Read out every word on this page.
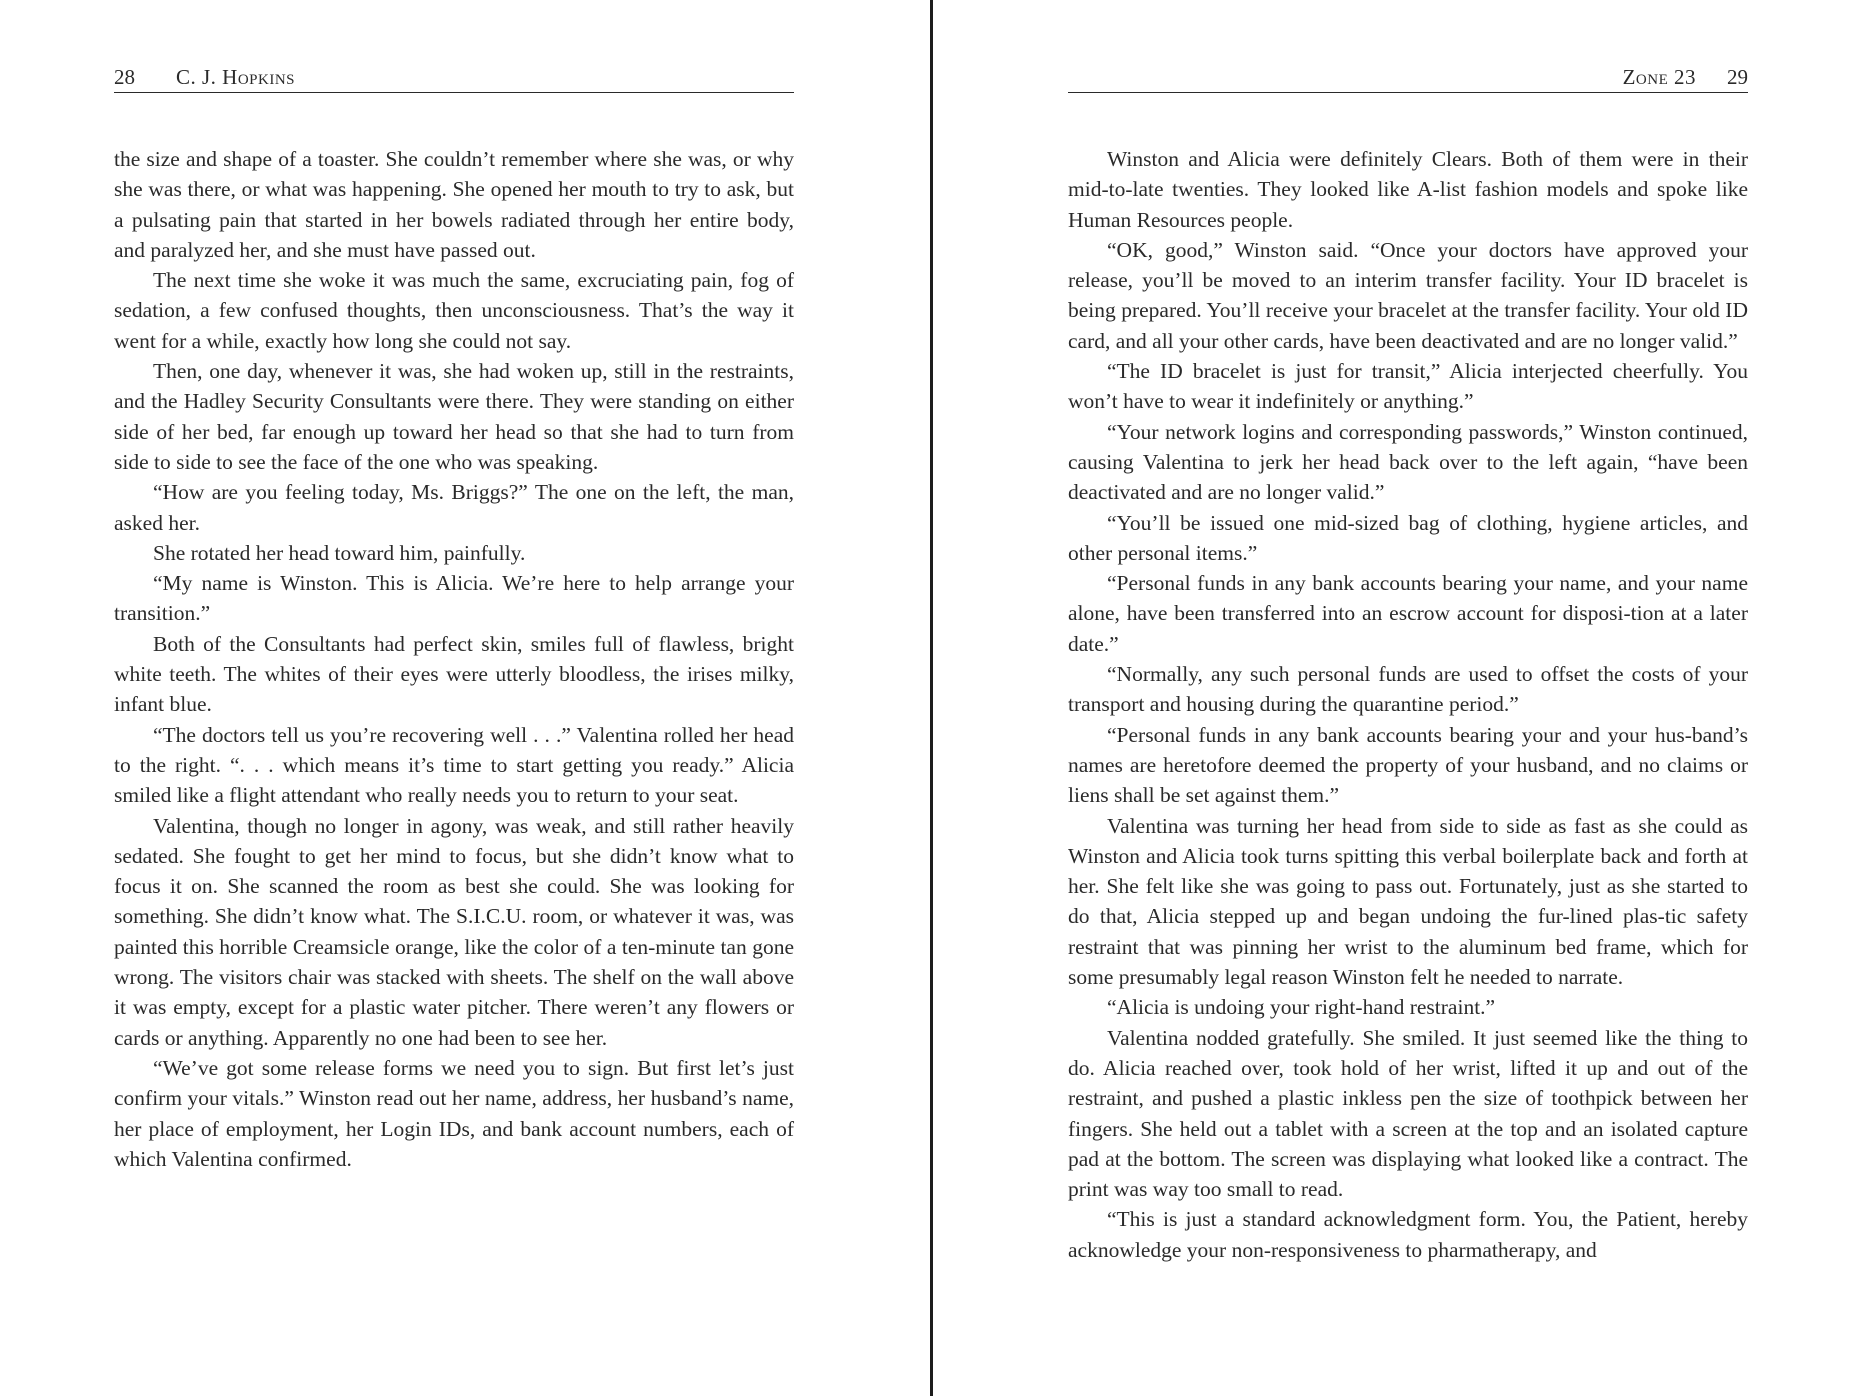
28 C. J. Hopkins

the size and shape of a toaster. She couldn’t remember where she was, or why she was there, or what was happening. She opened her mouth to try to ask, but a pulsating pain that started in her bowels radiated through her entire body, and paralyzed her, and she must have passed out.

The next time she woke it was much the same, excruciating pain, fog of sedation, a few confused thoughts, then unconsciousness. That’s the way it went for a while, exactly how long she could not say.

Then, one day, whenever it was, she had woken up, still in the restraints, and the Hadley Security Consultants were there. They were standing on either side of her bed, far enough up toward her head so that she had to turn from side to side to see the face of the one who was speaking.

“How are you feeling today, Ms. Briggs?” The one on the left, the man, asked her.

She rotated her head toward him, painfully.

“My name is Winston. This is Alicia. We’re here to help arrange your transition.”

Both of the Consultants had perfect skin, smiles full of flawless, bright white teeth. The whites of their eyes were utterly bloodless, the irises milky, infant blue.

“The doctors tell us you’re recovering well . . .” Valentina rolled her head to the right. “. . . which means it’s time to start getting you ready.” Alicia smiled like a flight attendant who really needs you to return to your seat.

Valentina, though no longer in agony, was weak, and still rather heavily sedated. She fought to get her mind to focus, but she didn’t know what to focus it on. She scanned the room as best she could. She was looking for something. She didn’t know what. The S.I.C.U. room, or whatever it was, was painted this horrible Creamsicle orange, like the color of a ten-minute tan gone wrong. The visitors chair was stacked with sheets. The shelf on the wall above it was empty, except for a plastic water pitcher. There weren’t any flowers or cards or anything. Apparently no one had been to see her.

“We’ve got some release forms we need you to sign. But first let’s just confirm your vitals.” Winston read out her name, address, her husband’s name, her place of employment, her Login IDs, and bank account numbers, each of which Valentina confirmed.

Zone 23 29

Winston and Alicia were definitely Clears. Both of them were in their mid-to-late twenties. They looked like A-list fashion models and spoke like Human Resources people.

“OK, good,” Winston said. “Once your doctors have approved your release, you’ll be moved to an interim transfer facility. Your ID bracelet is being prepared. You’ll receive your bracelet at the transfer facility. Your old ID card, and all your other cards, have been deactivated and are no longer valid.”

“The ID bracelet is just for transit,” Alicia interjected cheerfully. You won’t have to wear it indefinitely or anything.”

“Your network logins and corresponding passwords,” Winston continued, causing Valentina to jerk her head back over to the left again, “have been deactivated and are no longer valid.”

“You’ll be issued one mid-sized bag of clothing, hygiene articles, and other personal items.”

“Personal funds in any bank accounts bearing your name, and your name alone, have been transferred into an escrow account for disposi-tion at a later date.”

“Normally, any such personal funds are used to offset the costs of your transport and housing during the quarantine period.”

“Personal funds in any bank accounts bearing your and your hus-band’s names are heretofore deemed the property of your husband, and no claims or liens shall be set against them.”

Valentina was turning her head from side to side as fast as she could as Winston and Alicia took turns spitting this verbal boilerplate back and forth at her. She felt like she was going to pass out. Fortunately, just as she started to do that, Alicia stepped up and began undoing the fur-lined plas-tic safety restraint that was pinning her wrist to the aluminum bed frame, which for some presumably legal reason Winston felt he needed to narrate.

“Alicia is undoing your right-hand restraint.”

Valentina nodded gratefully. She smiled. It just seemed like the thing to do. Alicia reached over, took hold of her wrist, lifted it up and out of the restraint, and pushed a plastic inkless pen the size of toothpick between her fingers. She held out a tablet with a screen at the top and an isolated capture pad at the bottom. The screen was displaying what looked like a contract. The print was way too small to read.

“This is just a standard acknowledgment form. You, the Patient, hereby acknowledge your non-responsiveness to pharmatherapy, and
